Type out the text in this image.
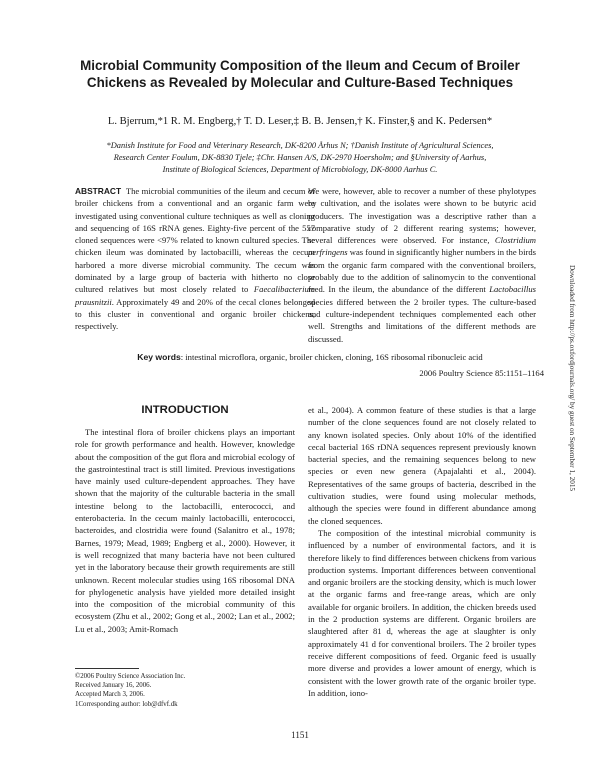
Microbial Community Composition of the Ileum and Cecum of Broiler
Chickens as Revealed by Molecular and Culture-Based Techniques
L. Bjerrum,*1 R. M. Engberg,† T. D. Leser,‡ B. B. Jensen,† K. Finster,§ and K. Pedersen*
*Danish Institute for Food and Veterinary Research, DK-8200 Århus N; †Danish Institute of Agricultural Sciences,
Research Center Foulum, DK-8830 Tjele; ‡Chr. Hansen A/S, DK-2970 Hoersholm; and §University of Aarhus,
Institute of Biological Sciences, Department of Microbiology, DK-8000 Aarhus C.
ABSTRACT The microbial communities of the ileum and cecum of broiler chickens from a conventional and an organic farm were investigated using conventional culture techniques as well as cloning and sequencing of 16S rRNA genes. Eighty-five percent of the 557 cloned sequences were <97% related to known cultured species. The chicken ileum was dominated by lactobacilli, whereas the cecum harbored a more diverse microbial community. The cecum was dominated by a large group of bacteria with hitherto no close cultured relatives but most closely related to Faecalibacterium prausnitzii. Approximately 49 and 20% of the cecal clones belonged to this cluster in conventional and organic broiler chickens, respectively.
We were, however, able to recover a number of these phylotypes by cultivation, and the isolates were shown to be butyric acid producers. The investigation was a descriptive rather than a comparative study of 2 different rearing systems; however, several differences were observed. For instance, Clostridium perfringens was found in significantly higher numbers in the birds from the organic farm compared with the conventional broilers, probably due to the addition of salinomycin to the conventional feed. In the ileum, the abundance of the different Lactobacillus species differed between the 2 broiler types. The culture-based and culture-independent techniques complemented each other well. Strengths and limitations of the different methods are discussed.
Key words: intestinal microflora, organic, broiler chicken, cloning, 16S ribosomal ribonucleic acid
2006 Poultry Science 85:1151–1164
INTRODUCTION

The intestinal flora of broiler chickens plays an important role for growth performance and health. However, knowledge about the composition of the gut flora and microbial ecology of the gastrointestinal tract is still limited. Previous investigations have mainly used culture-dependent approaches. They have shown that the majority of the culturable bacteria in the small intestine belong to the lactobacilli, enterococci, and enterobacteria. In the cecum mainly lactobacilli, enterococci, bacteroides, and clostridia were found (Salanitro et al., 1978; Barnes, 1979; Mead, 1989; Engberg et al., 2000). However, it is well recognized that many bacteria have not been cultured yet in the laboratory because their growth requirements are still unknown. Recent molecular studies using 16S ribosomal DNA for phylogenetic analysis have yielded more detailed insight into the composition of the microbial community of this ecosystem (Zhu et al., 2002; Gong et al., 2002; Lan et al., 2002; Lu et al., 2003; Amit-Romach

et al., 2004). A common feature of these studies is that a large number of the clone sequences found are not closely related to any known isolated species. Only about 10% of the identified cecal bacterial 16S rDNA sequences represent previously known bacterial species, and the remaining sequences belong to new species or even new genera (Apajalahti et al., 2004). Representatives of the same groups of bacteria, described in the cultivation studies, were found using molecular methods, although the species were found in different abundance among the cloned sequences.

The composition of the intestinal microbial community is influenced by a number of environmental factors, and it is therefore likely to find differences between chickens from various production systems. Important differences between conventional and organic broilers are the stocking density, which is much lower at the organic farms and free-range areas, which are only available for organic broilers. In addition, the chicken breeds used in the 2 production systems are different. Organic broilers are slaughtered after 81 d, whereas the age at slaughter is only approximately 41 d for conventional broilers. The 2 broiler types receive different compositions of feed. Organic feed is usually more diverse and provides a lower amount of energy, which is consistent with the lower growth rate of the organic broiler type. In addition, iono-

©2006 Poultry Science Association Inc.
Received January 16, 2006.
Accepted March 3, 2006.
1Corresponding author: lob@dfvf.dk
1151
Downloaded from http://ps.oxfordjournals.org/ by guest on September 1, 2015
